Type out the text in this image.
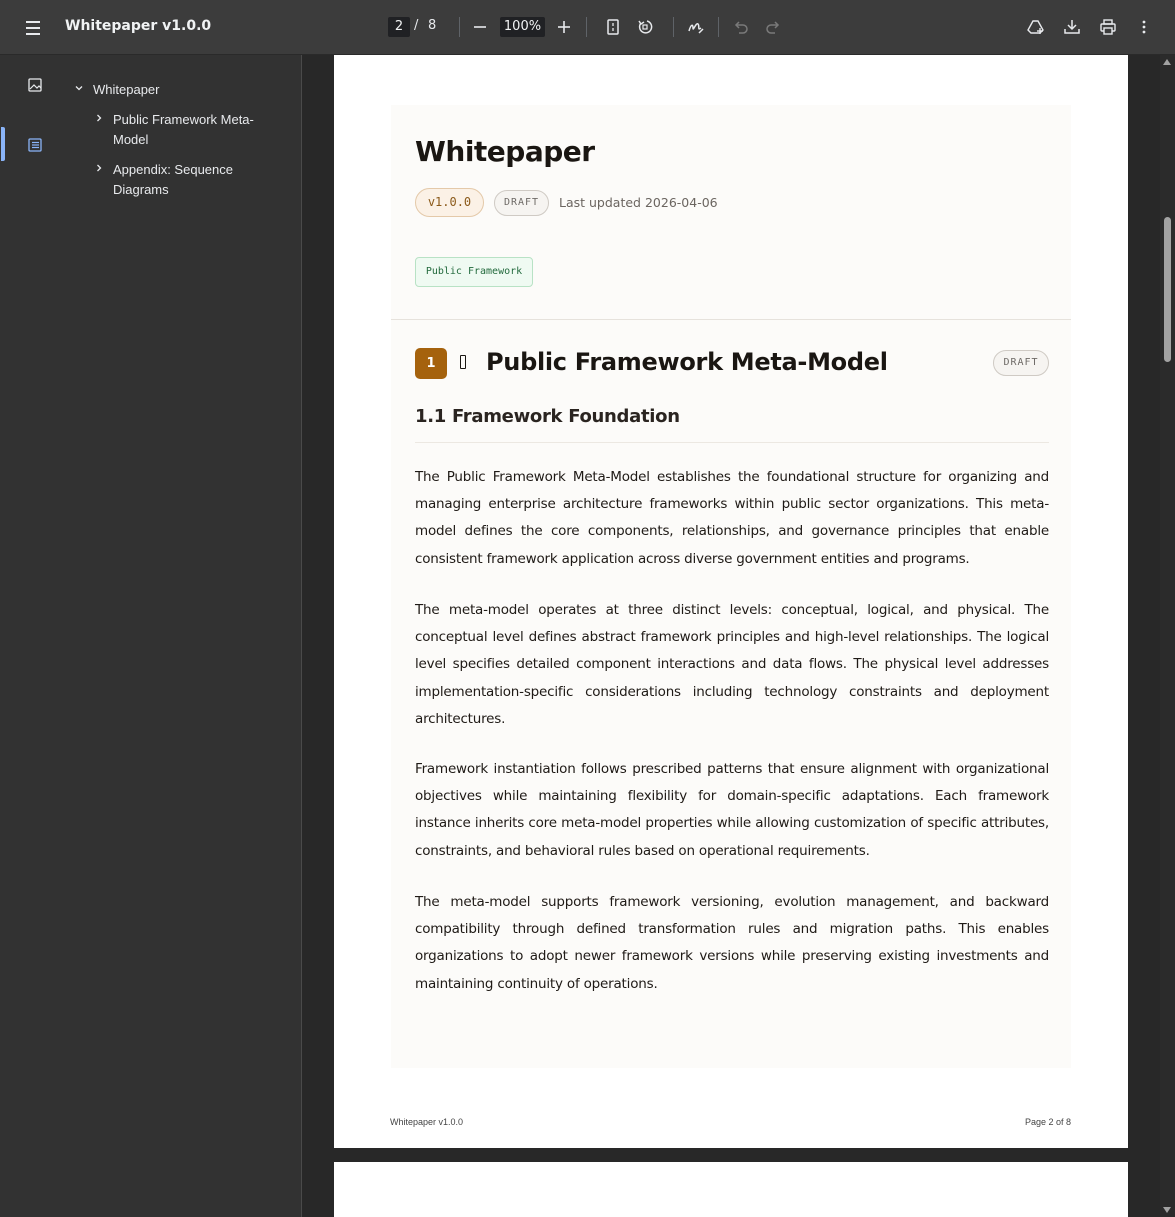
Whitepaper v1.0.0	2 / 8	100%
Whitepaper
Public Framework Meta-
Model
Appendix: Sequence
Diagrams
Whitepaper
v1.0.0	DRAFT	Last updated 2026-04-06
Public Framework
1	Public Framework Meta-Model	DRAFT
1.1 Framework Foundation
The Public Framework Meta-Model establishes the foundational structure for organizing and managing enterprise architecture frameworks within public sector organizations. This meta-model defines the core components, relationships, and governance principles that enable consistent framework application across diverse government entities and programs.
The meta-model operates at three distinct levels: conceptual, logical, and physical. The conceptual level defines abstract framework principles and high-level relationships. The logical level specifies detailed component interactions and data flows. The physical level addresses implementation-specific considerations including technology constraints and deployment architectures.
Framework instantiation follows prescribed patterns that ensure alignment with organizational objectives while maintaining flexibility for domain-specific adaptations. Each framework instance inherits core meta-model properties while allowing customization of specific attributes, constraints, and behavioral rules based on operational requirements.
The meta-model supports framework versioning, evolution management, and backward compatibility through defined transformation rules and migration paths. This enables organizations to adopt newer framework versions while preserving existing investments and maintaining continuity of operations.
Whitepaper v1.0.0	Page 2 of 8
